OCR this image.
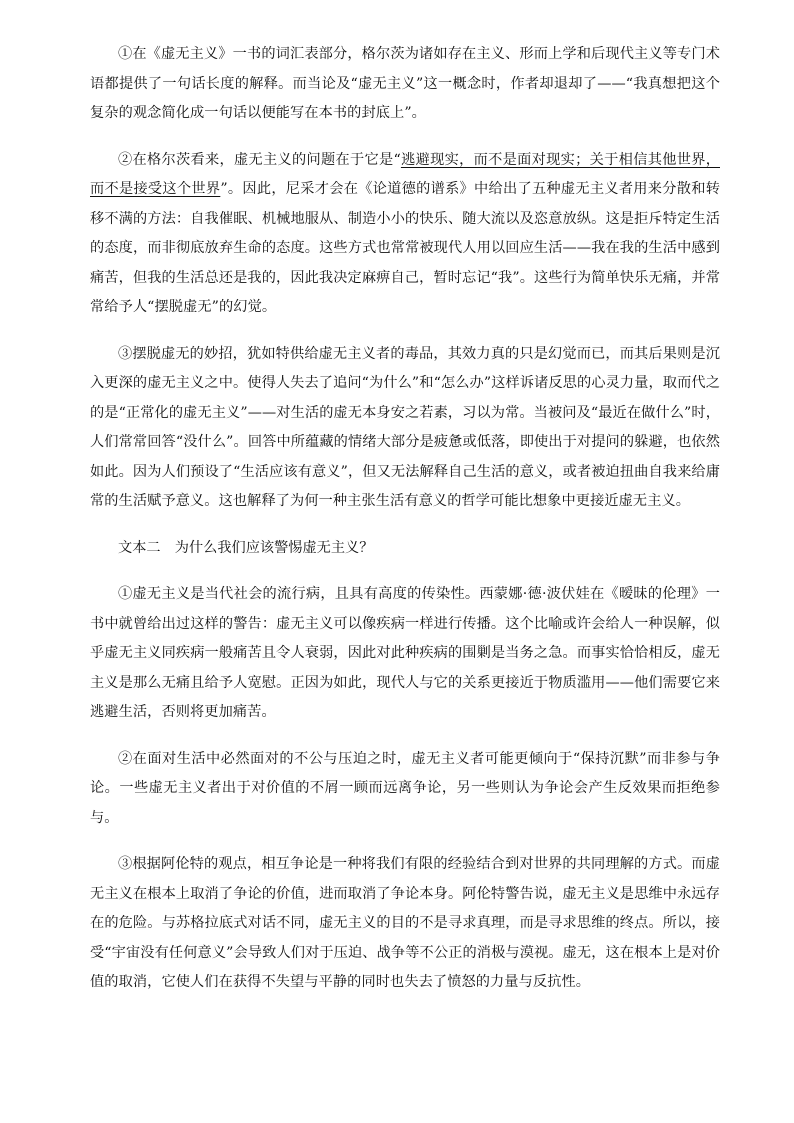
①在《虚无主义》一书的词汇表部分，格尔茨为诸如存在主义、形而上学和后现代主义等专门术语都提供了一句话长度的解释。而当论及“虚无主义”这一概念时，作者却退却了——“我真想把这个复杂的观念简化成一句话以便能写在本书的封底上”。

②在格尔茨看来，虚无主义的问题在于它是“逃避现实，而不是面对现实；关于相信其他世界，而不是接受这个世界”。因此，尼采才会在《论道德的谱系》中给出了五种虚无主义者用来分散和转移不满的方法：自我催眠、机械地服从、制造小小的快乐、随大流以及恣意放纵。这是拒斥特定生活的态度，而非彻底放弃生命的态度。这些方式也常常被现代人用以回应生活——我在我的生活中感到痛苦，但我的生活总还是我的，因此我决定麻痹自己，暂时忘记“我”。这些行为简单快乐无痛，并常常给予人“摆脱虚无”的幻觉。

③摆脱虚无的妙招，犹如特供给虚无主义者的毒品，其效力真的只是幻觉而已，而其后果则是沉入更深的虚无主义之中。使得人失去了追问“为什么”和“怎么办”这样诉诸反思的心灵力量，取而代之的是“正常化的虚无主义”——对生活的虚无本身安之若素，习以为常。当被问及“最近在做什么”时，人们常常回答“没什么”。回答中所蕴藏的情绪大部分是疲惫或低落，即使出于对提问的躲避，也依然如此。因为人们预设了“生活应该有意义”，但又无法解释自己生活的意义，或者被迫扭曲自我来给庸常的生活赋予意义。这也解释了为何一种主张生活有意义的哲学可能比想象中更接近虚无主义。

文本二　为什么我们应该警惕虚无主义？

①虚无主义是当代社会的流行病，且具有高度的传染性。西蒙娜·德·波伏娃在《暧昧的伦理》一书中就曾给出过这样的警告：虚无主义可以像疾病一样进行传播。这个比喻或许会给人一种误解，似乎虚无主义同疾病一般痛苦且令人衰弱，因此对此种疾病的围剿是当务之急。而事实恰恰相反，虚无主义是那么无痛且给予人宽慰。正因为如此，现代人与它的关系更接近于物质滥用——他们需要它来逃避生活，否则将更加痛苦。

②在面对生活中必然面对的不公与压迫之时，虚无主义者可能更倾向于“保持沉默”而非参与争论。一些虚无主义者出于对价值的不屑一顾而远离争论，另一些则认为争论会产生反效果而拒绝参与。

③根据阿伦特的观点，相互争论是一种将我们有限的经验结合到对世界的共同理解的方式。而虚无主义在根本上取消了争论的价值，进而取消了争论本身。阿伦特警告说，虚无主义是思维中永远存在的危险。与苏格拉底式对话不同，虚无主义的目的不是寻求真理，而是寻求思维的终点。所以，接受“宇宙没有任何意义”会导致人们对于压迫、战争等不公正的消极与漠视。虚无，这在根本上是对价值的取消，它使人们在获得不失望与平静的同时也失去了愤怒的力量与反抗性。
